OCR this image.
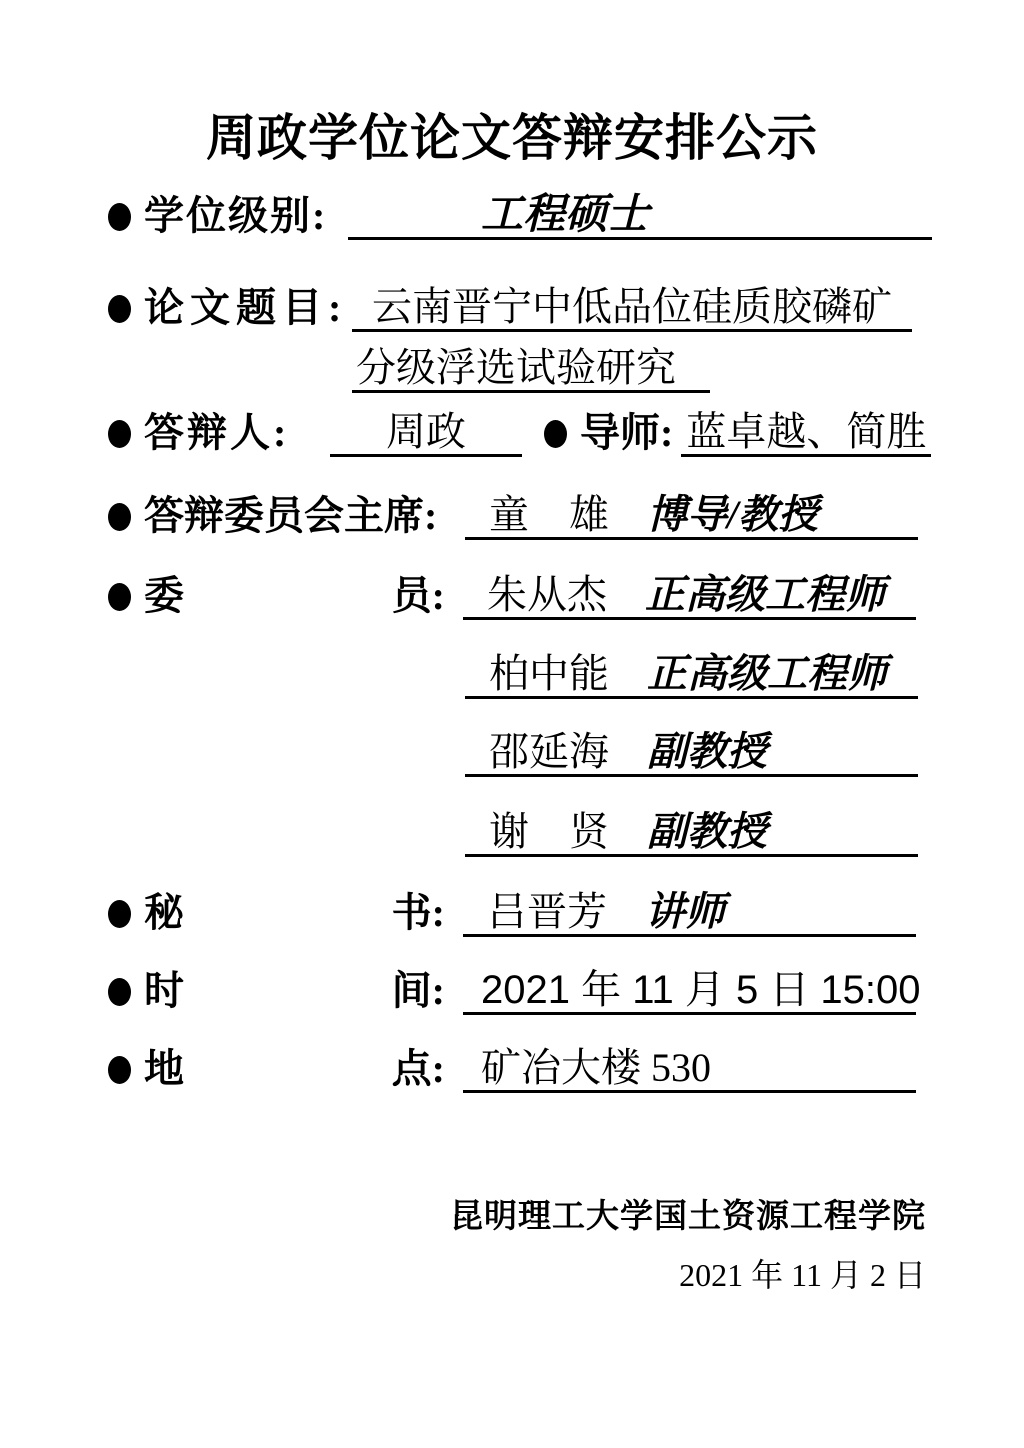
周政学位论文答辩安排公示
学位级别:	工程硕士
论文题目: 云南晋宁中低品位硅质胶磷矿
分级浮选试验研究
答辩人:	周政	导师: 蓝卓越、简胜
答辩委员会主席:	童　雄 博导/教授
委	员: 朱从杰 正高级工程师
柏中能 正高级工程师
邵延海 副教授
谢　贤 副教授
秘	书: 吕晋芳 讲师
时	间: 2021 年 11 月 5 日 15:00
地	点: 矿冶大楼 530
昆明理工大学国土资源工程学院
2021 年 11 月 2 日
